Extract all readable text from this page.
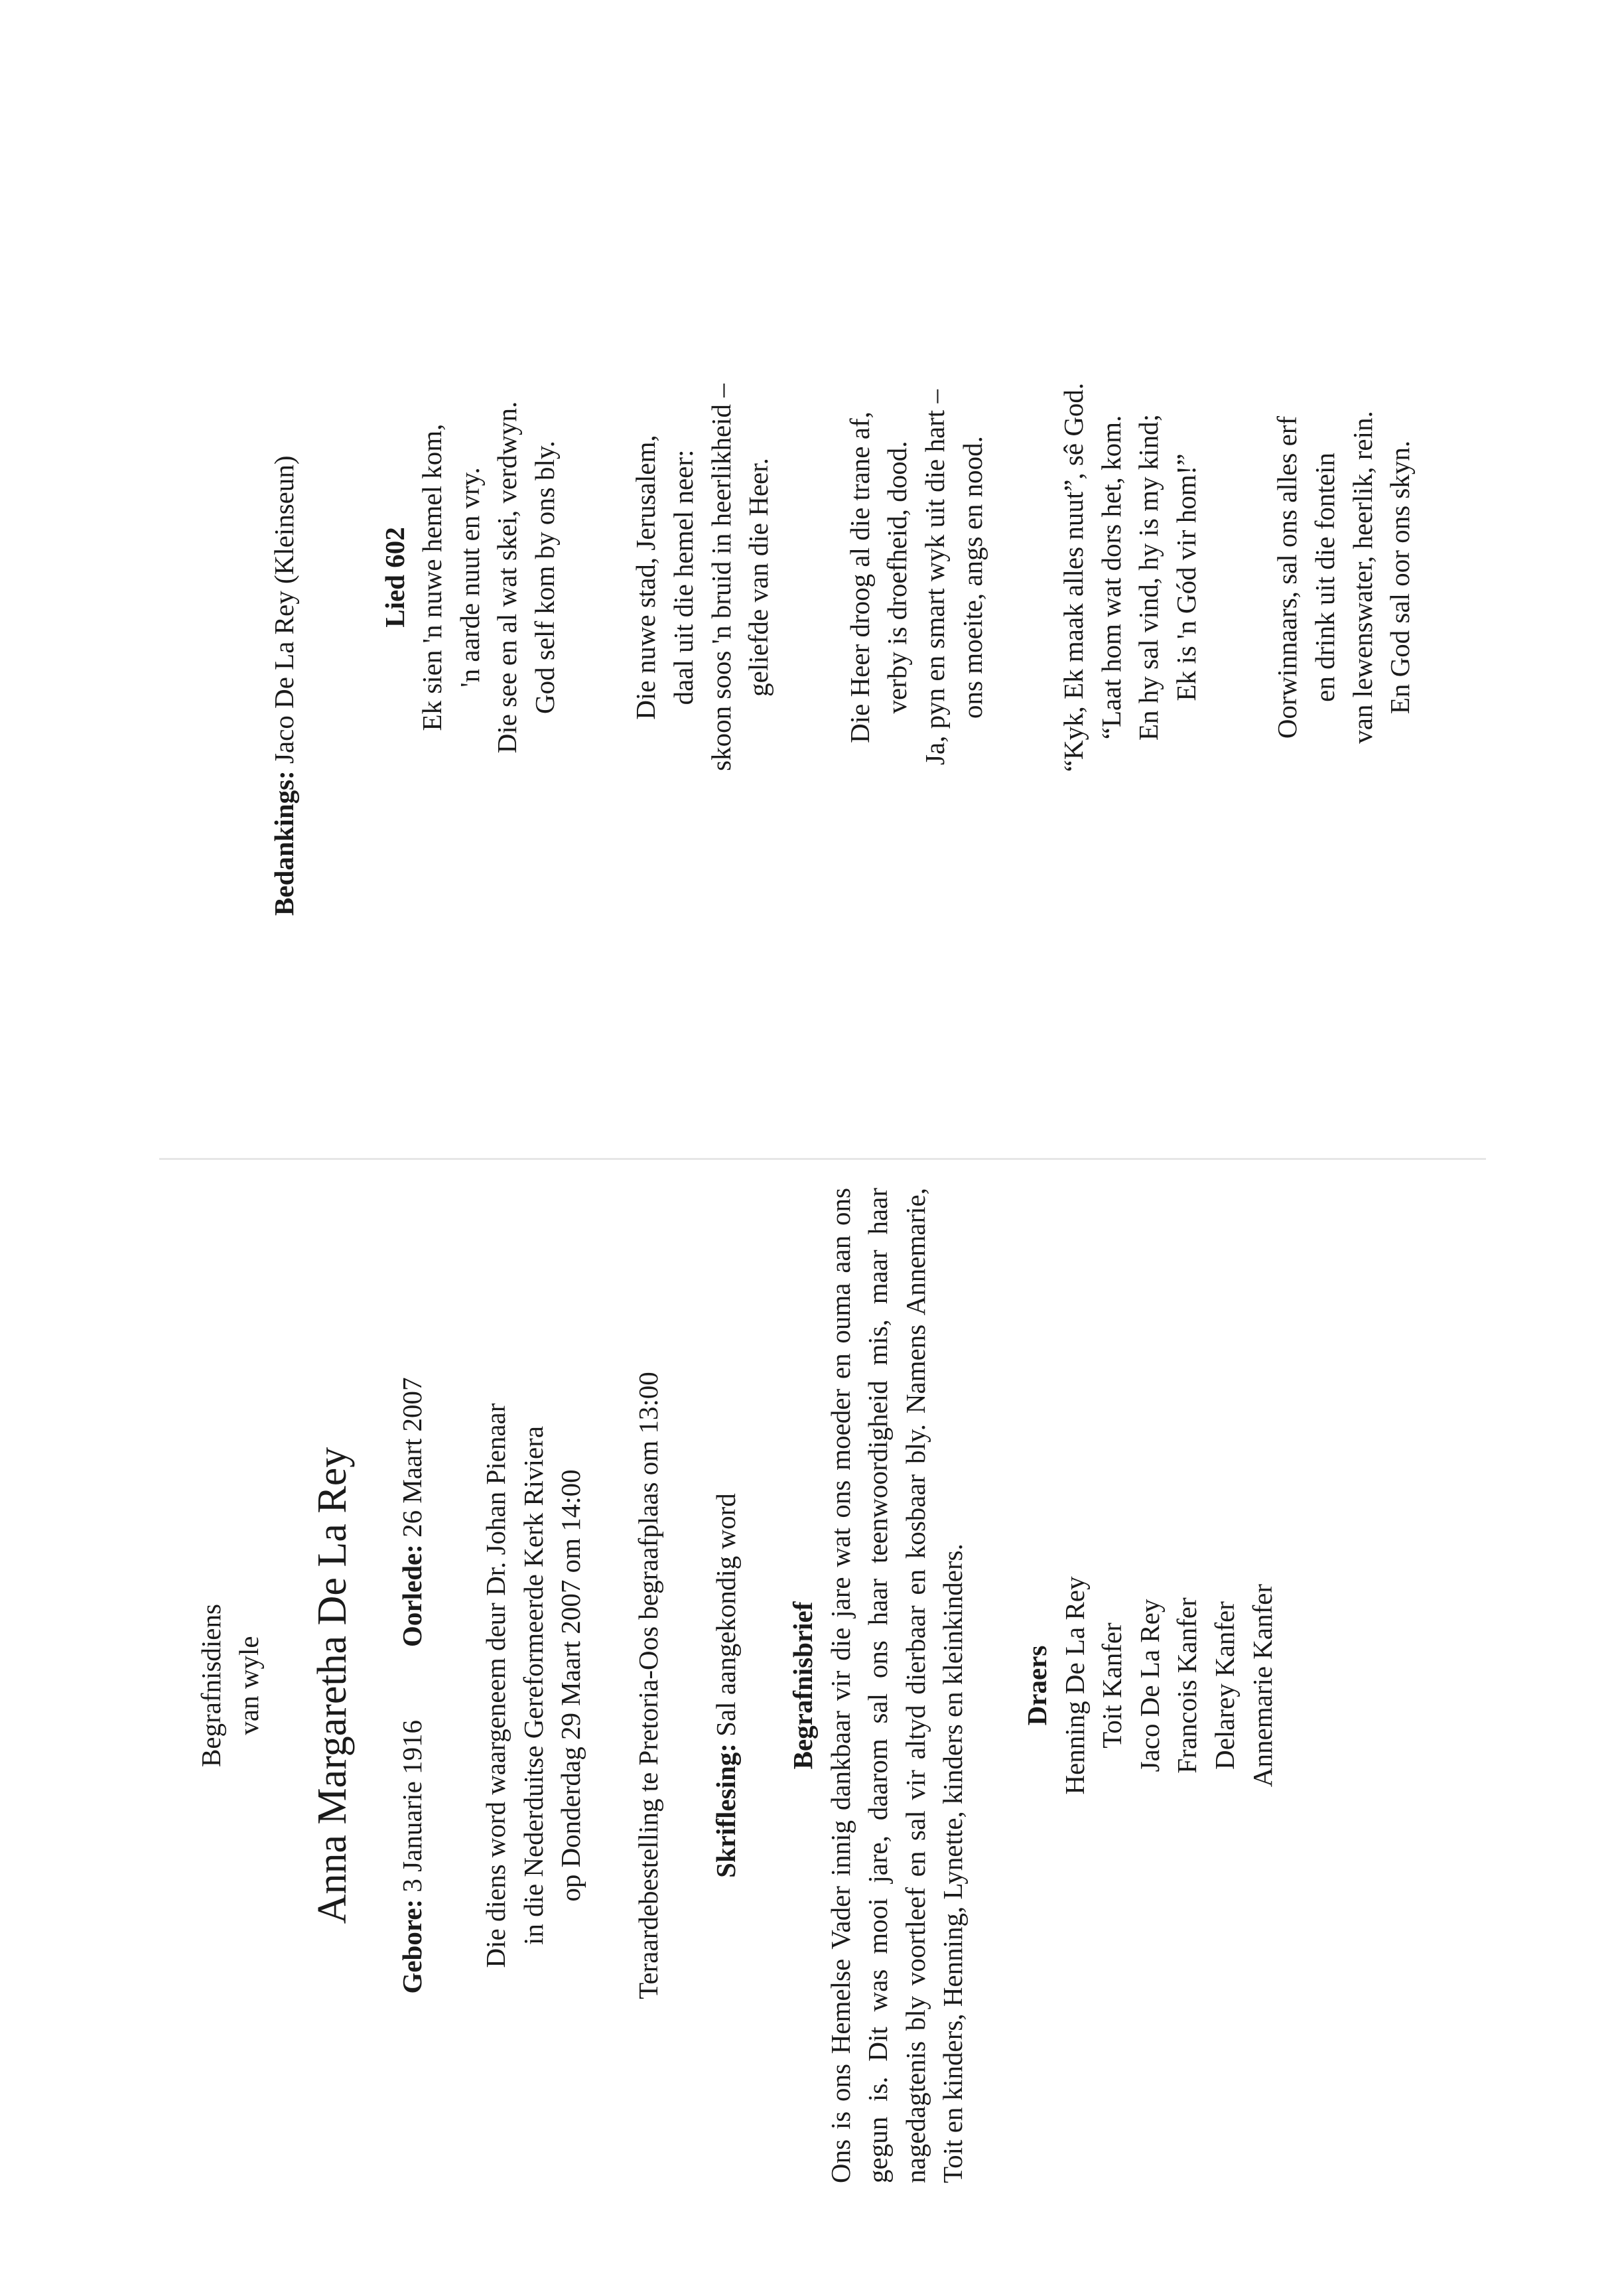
Begrafnisdiens van wyle Anna Margaretha De La Rey
Gebore: 3 Januarie 1916
Oorlede: 26 Maart 2007 Die diens word waargeneem deur Dr. Johan Pienaar in die Nederduitse Gereformeerde Kerk Riviera op Donderdag 29 Maart 2007 om 14:00 Teraardebestelling te Pretoria-Oos begraafplaas om 13:00 Skriflesing: Sal aangekondig word Begrafnisbrief Ons is ons Hemelse Vader innig dankbaar vir die jare wat ons moeder en ouma aan ons gegun is. Dit was mooi jare, daarom sal ons haar teenwoordigheid mis, maar haar nagedagtenis bly voortleef en sal vir altyd dierbaar en kosbaar bly. Namens Annemarie, Toit en kinders, Henning, Lynette, kinders en kleinkinders. Draers Henning De La Rey Toit Kanfer Jaco De La Rey Francois Kanfer Delarey Kanfer Annemarie Kanfer
Bedankings: Jaco De La Rey (Kleinseun)	Lied 602 Ek sien 'n nuwe hemel kom, 'n aarde nuut en vry. Die see en al wat skei, verdwyn. God self kom by ons bly.	Die nuwe stad, Jerusalem, daal uit die hemel neer: skoon soos 'n bruid in heerlikheid – geliefde van die Heer.	Die Heer droog al die trane af, verby is droefheid, dood. Ja, pyn en smart wyk uit die hart – ons moeite, angs en nood.	“Kyk, Ek maak alles nuut”, sê God. “Laat hom wat dors het, kom. En hy sal vind, hy is my kind; Ek is 'n Gód vir hom!”	Oorwinnaars, sal ons alles erf en drink uit die fontein van lewenswater, heerlik, rein. En God sal oor ons skyn.
